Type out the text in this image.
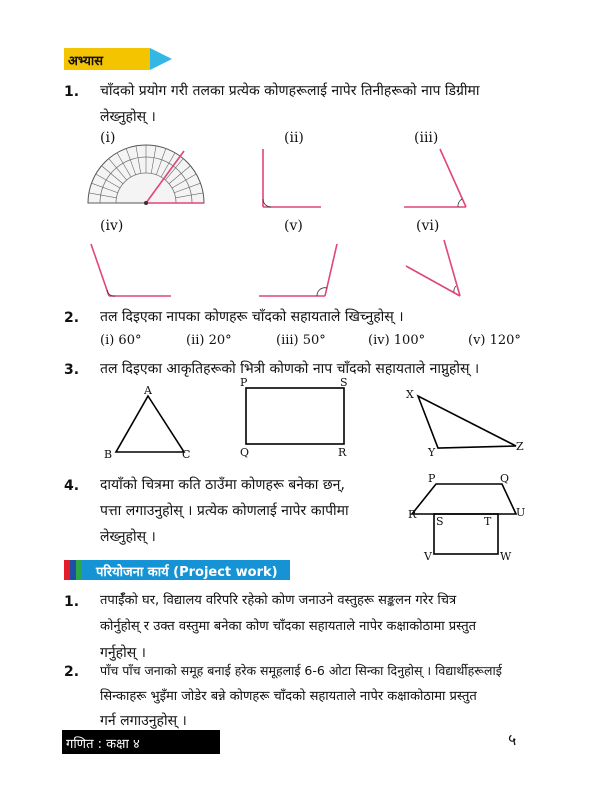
अभ्यास
1. चाँदको प्रयोग गरी तलका प्रत्येक कोणहरूलाई नापेर तिनीहरूको नाप डिग्रीमा
लेख्नुहोस् ।
(i)	(ii)	(iii)
(iv)	(v)	(vi)
2. तल दिइएका नापका कोणहरू चाँदको सहायताले खिच्नुहोस् ।
(i) 60°	(ii) 20°	(iii) 50°	(iv) 100°	(v) 120°
3. तल दिइएका आकृतिहरूको भित्री कोणको नाप चाँदको सहायताले नाप्नुहोस् ।
A
B	C
P	S
Q	R
X
Y	Z
4. दायाँको चित्रमा कति ठाउँमा कोणहरू बनेका छन्,
पत्ता लगाउनुहोस् । प्रत्येक कोणलाई नापेर कापीमा
लेख्नुहोस् ।
P	Q
R
S	T
U
V	W
परियोजना कार्य (Project work)
1. तपाईँको घर, विद्यालय वरिपरि रहेको कोण जनाउने वस्तुहरू सङ्कलन गरेर चित्र
कोर्नुहोस् र उक्त वस्तुमा बनेका कोण चाँदका सहायताले नापेर कक्षाकोठामा प्रस्तुत
गर्नुहोस् ।
2. पाँच पाँच जनाको समूह बनाई हरेक समूहलाई 6-6 ओटा सिन्का दिनुहोस् । विद्यार्थीहरूलाई
सिन्काहरू भुइँमा जोडेर बन्ने कोणहरू चाँदको सहायताले नापेर कक्षाकोठामा प्रस्तुत
गर्न लगाउनुहोस् ।
गणित : कक्षा ४	५
